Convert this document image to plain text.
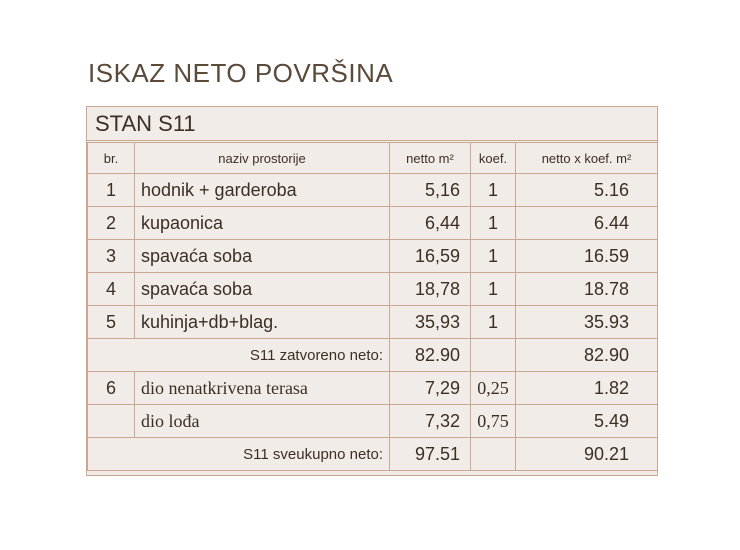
ISKAZ NETO POVRŠINA
STAN S11
br.	naziv prostorije	netto m²	koef.	netto x koef. m²
1	hodnik + garderoba	5,16	1	5.16
2	kupaonica	6,44	1	6.44
3	spavaća soba	16,59	1	16.59
4	spavaća soba	18,78	1	18.78
5	kuhinja+db+blag.	35,93	1	35.93
S11 zatvoreno neto:		82.90		82.90
6	dio nenatkrivena terasa	7,29	0,25	1.82
	dio lođa	7,32	0,75	5.49
S11 sveukupno neto:		97.51		90.21
